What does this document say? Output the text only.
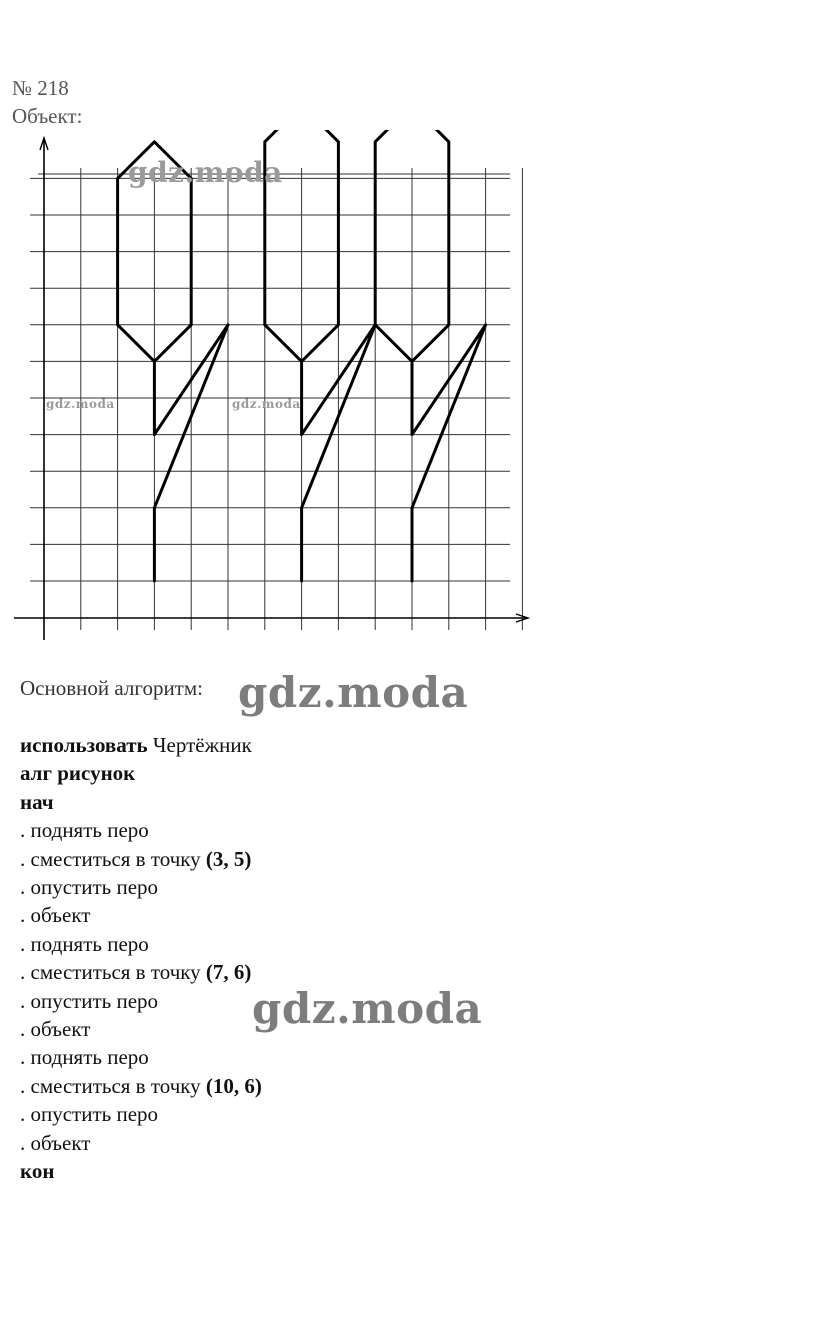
№ 218
Объект:
gdz.moda
gdz.moda	gdz.moda
Основной алгоритм: gdz.moda
использовать Чертёжник
алг рисунок
нач
. поднять перо
. сместиться в точку (3, 5)
. опустить перо
. объект
. поднять перо
. сместиться в точку (7, 6)
. опустить перо
. объект
. поднять перо
. сместиться в точку (10, 6)
. опустить перо
. объект
кон
gdz.moda
